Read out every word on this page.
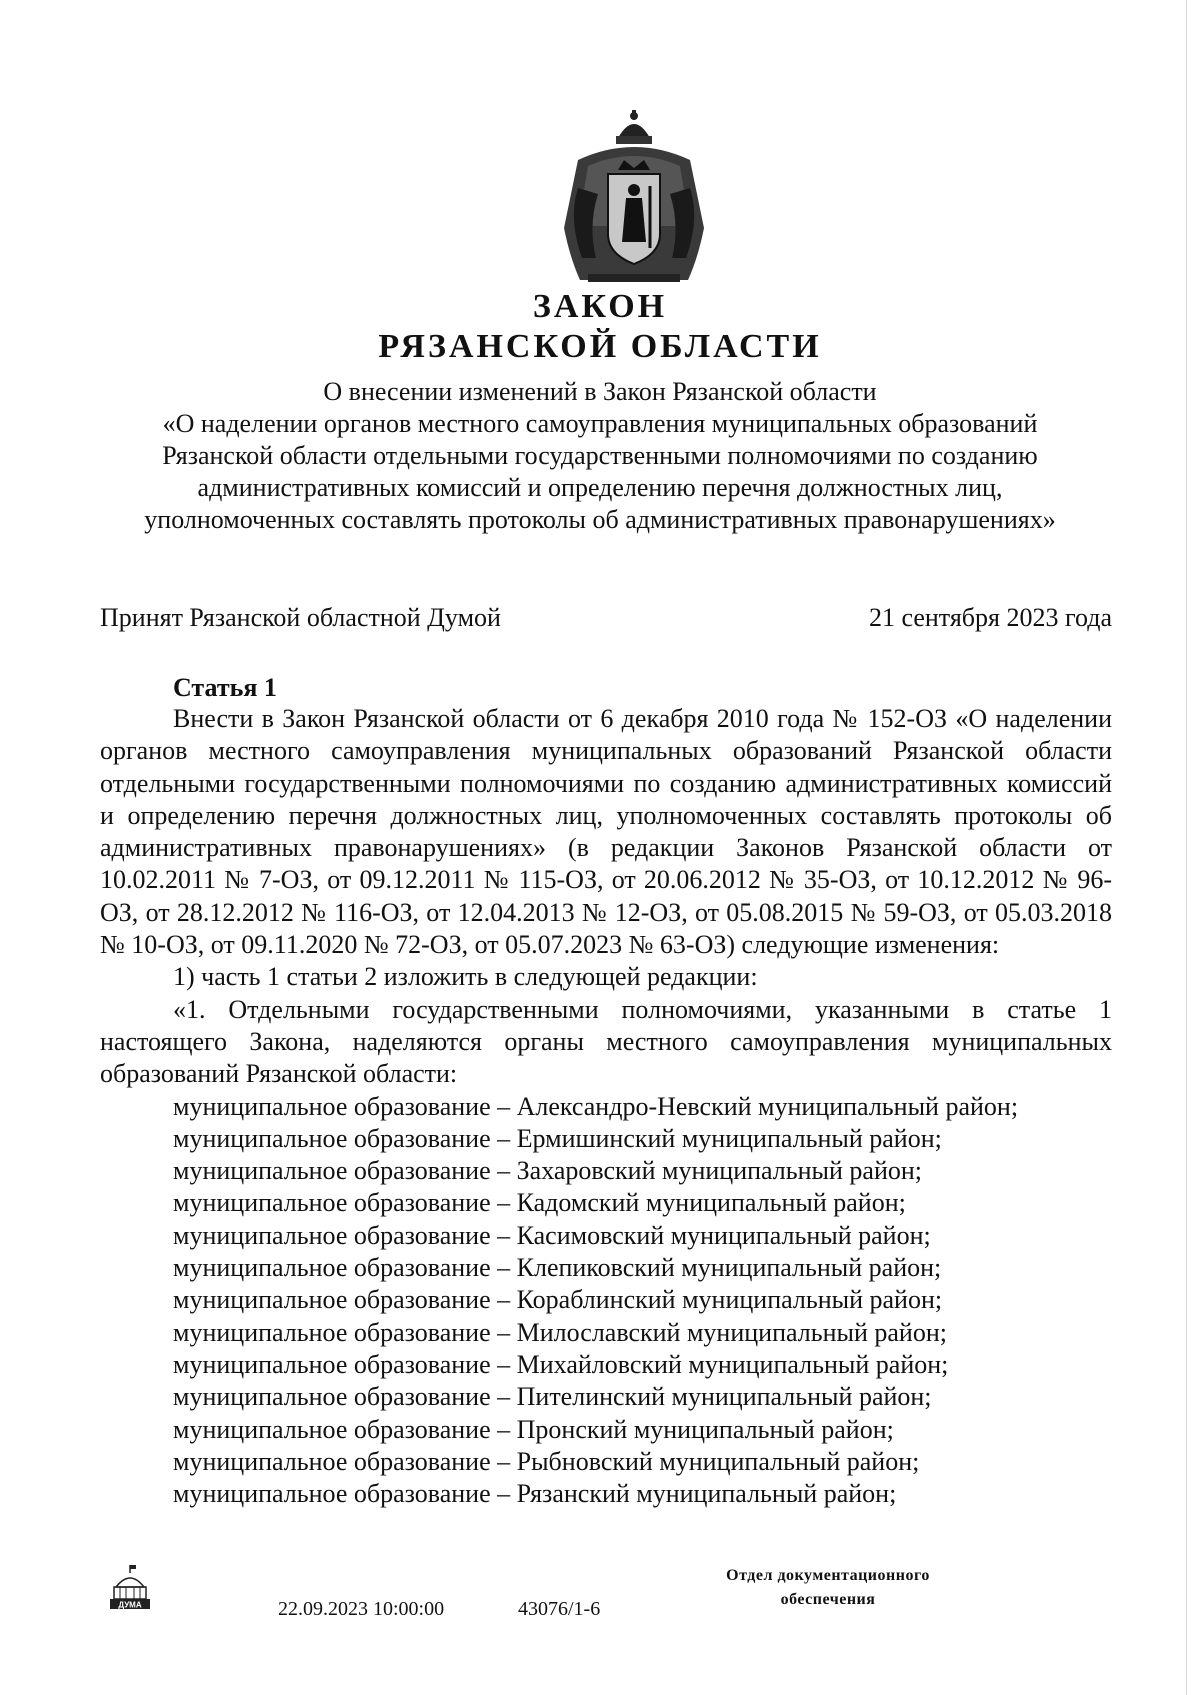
ЗАКОН
РЯЗАНСКОЙ ОБЛАСТИ
О внесении изменений в Закон Рязанской области
«О наделении органов местного самоуправления муниципальных образований
Рязанской области отдельными государственными полномочиями по созданию
административных комиссий и определению перечня должностных лиц,
уполномоченных составлять протоколы об административных правонарушениях»
Принят Рязанской областной Думой	21 сентября 2023 года
Статья 1

Внести в Закон Рязанской области от 6 декабря 2010 года № 152-ОЗ «О наделении органов местного самоуправления муниципальных образований Рязанской области отдельными государственными полномочиями по созданию административных комиссий и определению перечня должностных лиц, уполномоченных составлять протоколы об административных правонарушениях» (в редакции Законов Рязанской области от 10.02.2011 № 7-ОЗ, от 09.12.2011 № 115-ОЗ, от 20.06.2012 № 35-ОЗ, от 10.12.2012 № 96-ОЗ, от 28.12.2012 № 116-ОЗ, от 12.04.2013 № 12-ОЗ, от 05.08.2015 № 59-ОЗ, от 05.03.2018 № 10-ОЗ, от 09.11.2020 № 72-ОЗ, от 05.07.2023 № 63-ОЗ) следующие изменения:

1) часть 1 статьи 2 изложить в следующей редакции:

«1. Отдельными государственными полномочиями, указанными в статье 1 настоящего Закона, наделяются органы местного самоуправления муниципальных образований Рязанской области:

муниципальное образование – Александро-Невский муниципальный район;
муниципальное образование – Ермишинский муниципальный район;
муниципальное образование – Захаровский муниципальный район;
муниципальное образование – Кадомский муниципальный район;
муниципальное образование – Касимовский муниципальный район;
муниципальное образование – Клепиковский муниципальный район;
муниципальное образование – Кораблинский муниципальный район;
муниципальное образование – Милославский муниципальный район;
муниципальное образование – Михайловский муниципальный район;
муниципальное образование – Пителинский муниципальный район;
муниципальное образование – Пронский муниципальный район;
муниципальное образование – Рыбновский муниципальный район;
муниципальное образование – Рязанский муниципальный район;
ДУМА
Отдел документационного
обеспечения
22.09.2023 10:00:00	43076/1-6
